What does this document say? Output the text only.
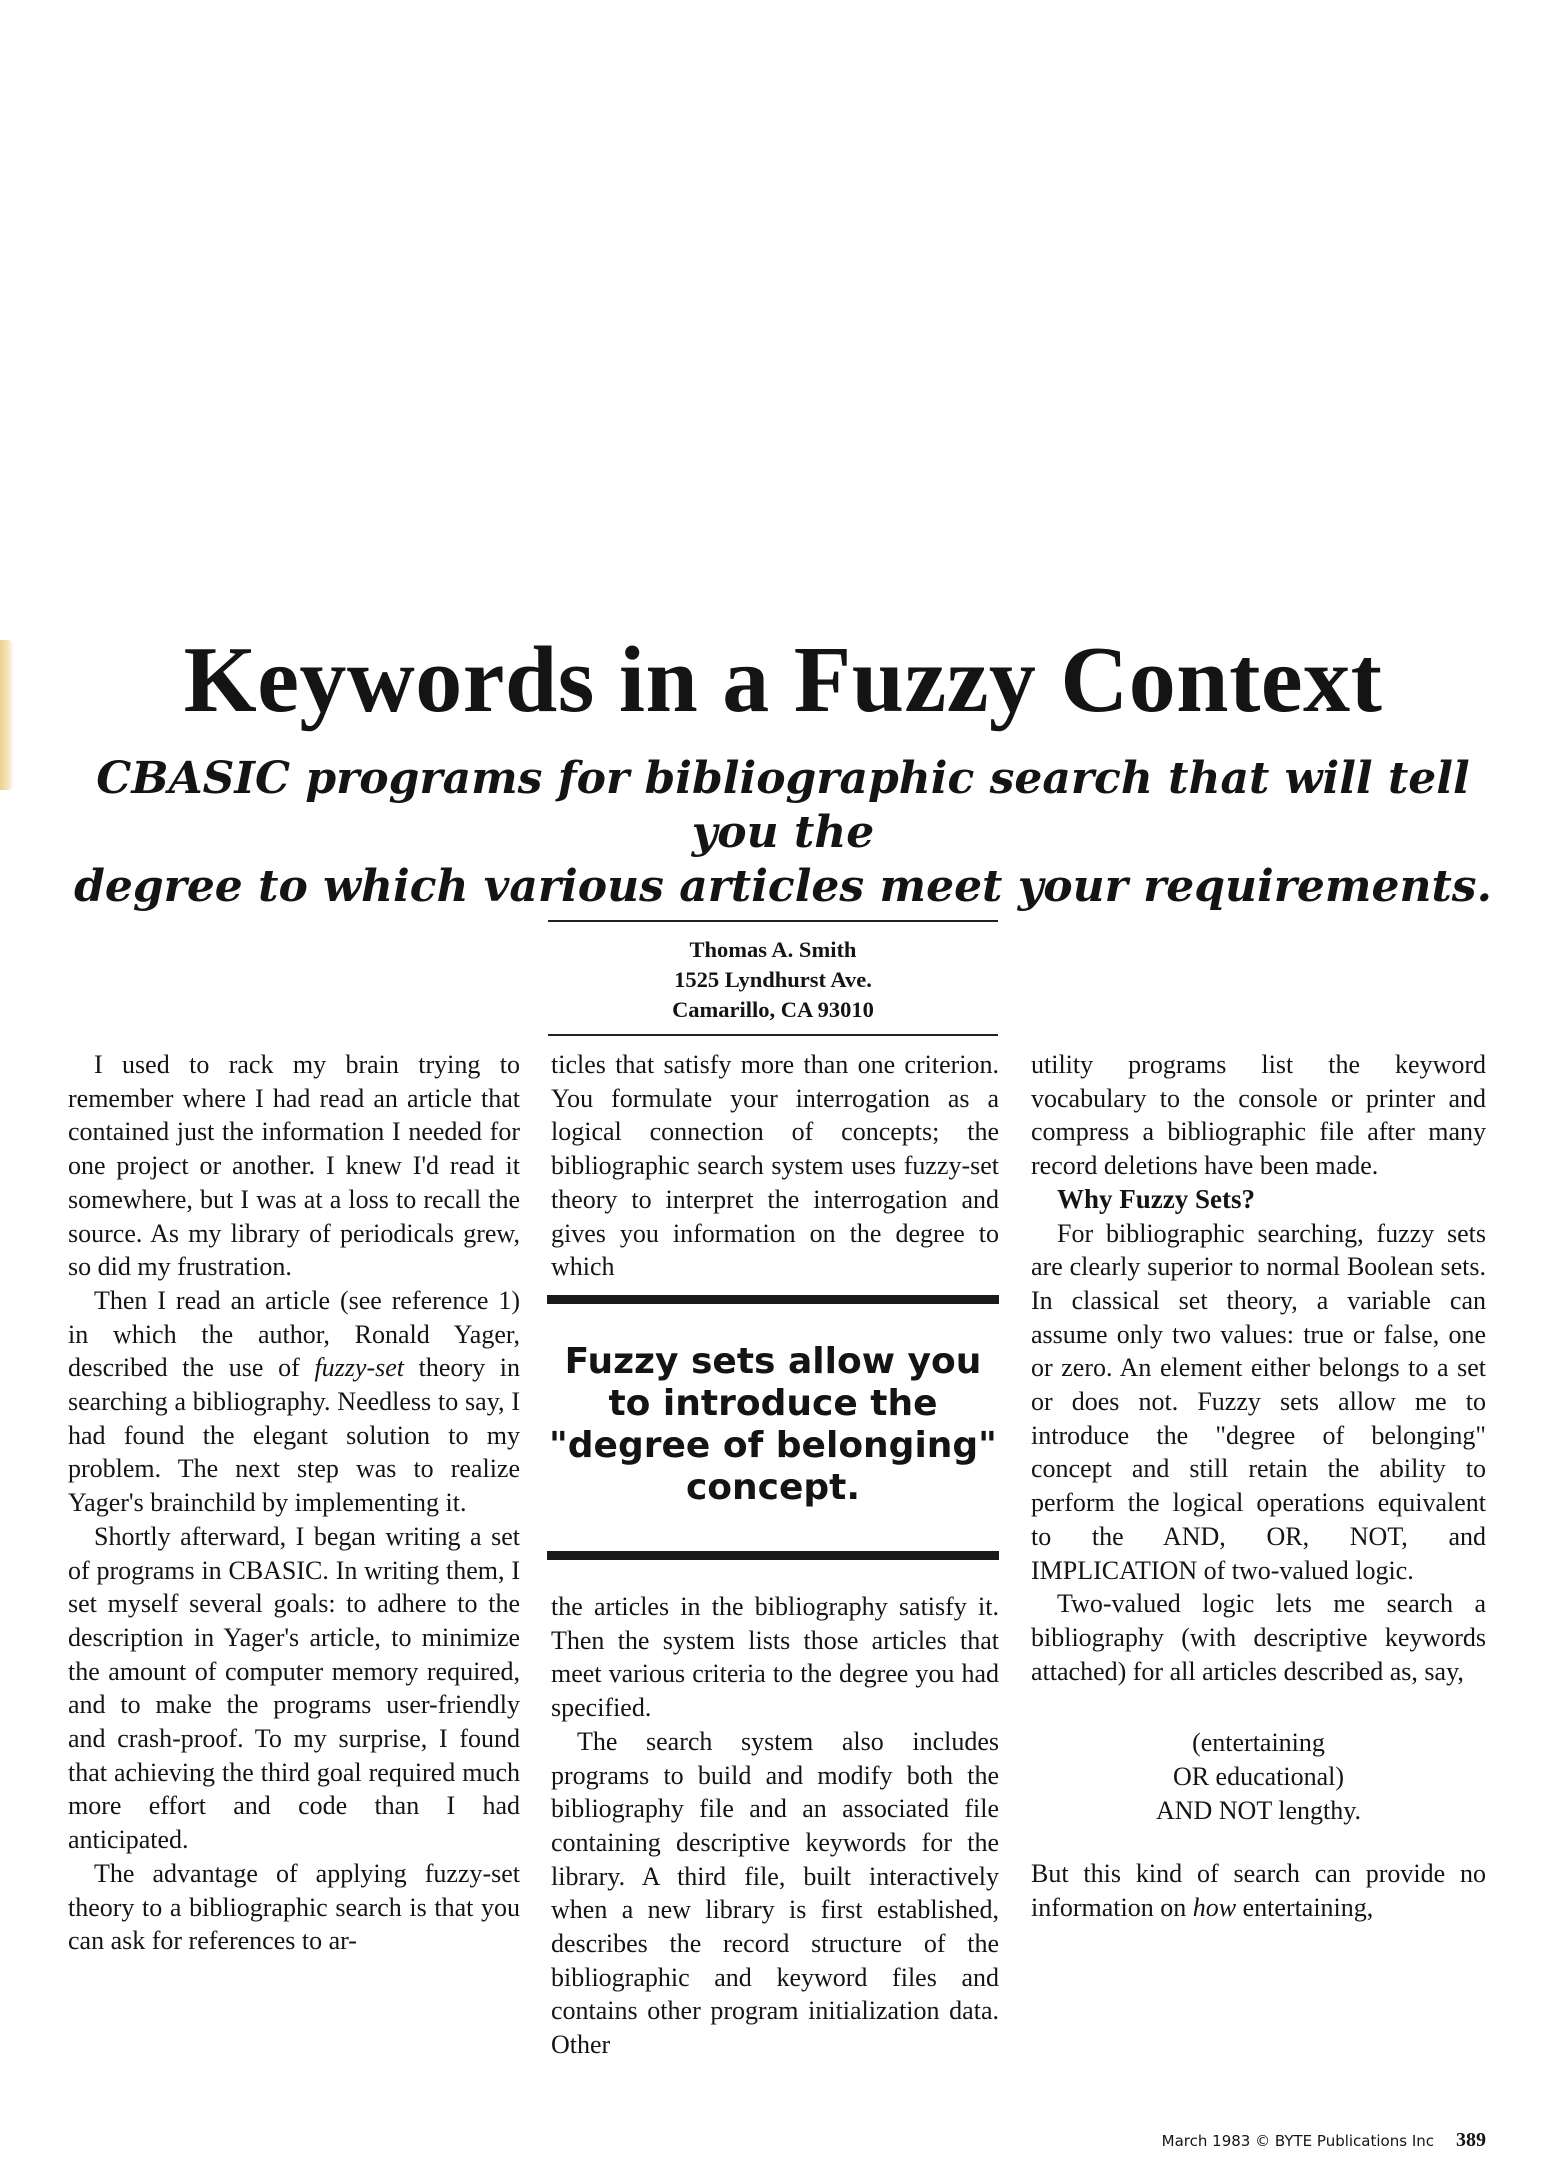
Keywords in a Fuzzy Context
CBASIC programs for bibliographic search that will tell you the
degree to which various articles meet your requirements.
Thomas A. Smith
1525 Lyndhurst Ave.
Camarillo, CA 93010

I used to rack my brain trying to remember where I had read an article that contained just the information I needed for one project or another. I knew I'd read it somewhere, but I was at a loss to recall the source. As my library of periodicals grew, so did my frustration.

Then I read an article (see reference 1) in which the author, Ronald Yager, described the use of fuzzy-set theory in searching a bibliography. Needless to say, I had found the elegant solution to my problem. The next step was to realize Yager's brainchild by implementing it.

Shortly afterward, I began writing a set of programs in CBASIC. In writing them, I set myself several goals: to adhere to the description in Yager's article, to minimize the amount of computer memory required, and to make the programs user-friendly and crash-proof. To my surprise, I found that achieving the third goal required much more effort and code than I had anticipated.

The advantage of applying fuzzy-set theory to a bibliographic search is that you can ask for references to ar-

ticles that satisfy more than one criterion. You formulate your interrogation as a logical connection of concepts; the bibliographic search system uses fuzzy-set theory to interpret the interrogation and gives you information on the degree to which

Fuzzy sets allow you
to introduce the
"degree of belonging"
concept.

the articles in the bibliography satisfy it. Then the system lists those articles that meet various criteria to the degree you had specified.

The search system also includes programs to build and modify both the bibliography file and an associated file containing descriptive keywords for the library. A third file, built interactively when a new library is first established, describes the record structure of the bibliographic and keyword files and contains other program initialization data. Other

utility programs list the keyword vocabulary to the console or printer and compress a bibliographic file after many record deletions have been made.

Why Fuzzy Sets?

For bibliographic searching, fuzzy sets are clearly superior to normal Boolean sets. In classical set theory, a variable can assume only two values: true or false, one or zero. An element either belongs to a set or does not. Fuzzy sets allow me to introduce the "degree of belonging" concept and still retain the ability to perform the logical operations equivalent to the AND, OR, NOT, and IMPLICATION of two-valued logic.

Two-valued logic lets me search a bibliography (with descriptive keywords attached) for all articles described as, say,

(entertaining
OR educational)
AND NOT lengthy.

But this kind of search can provide no information on how entertaining,

March 1983 © BYTE Publications Inc 389
